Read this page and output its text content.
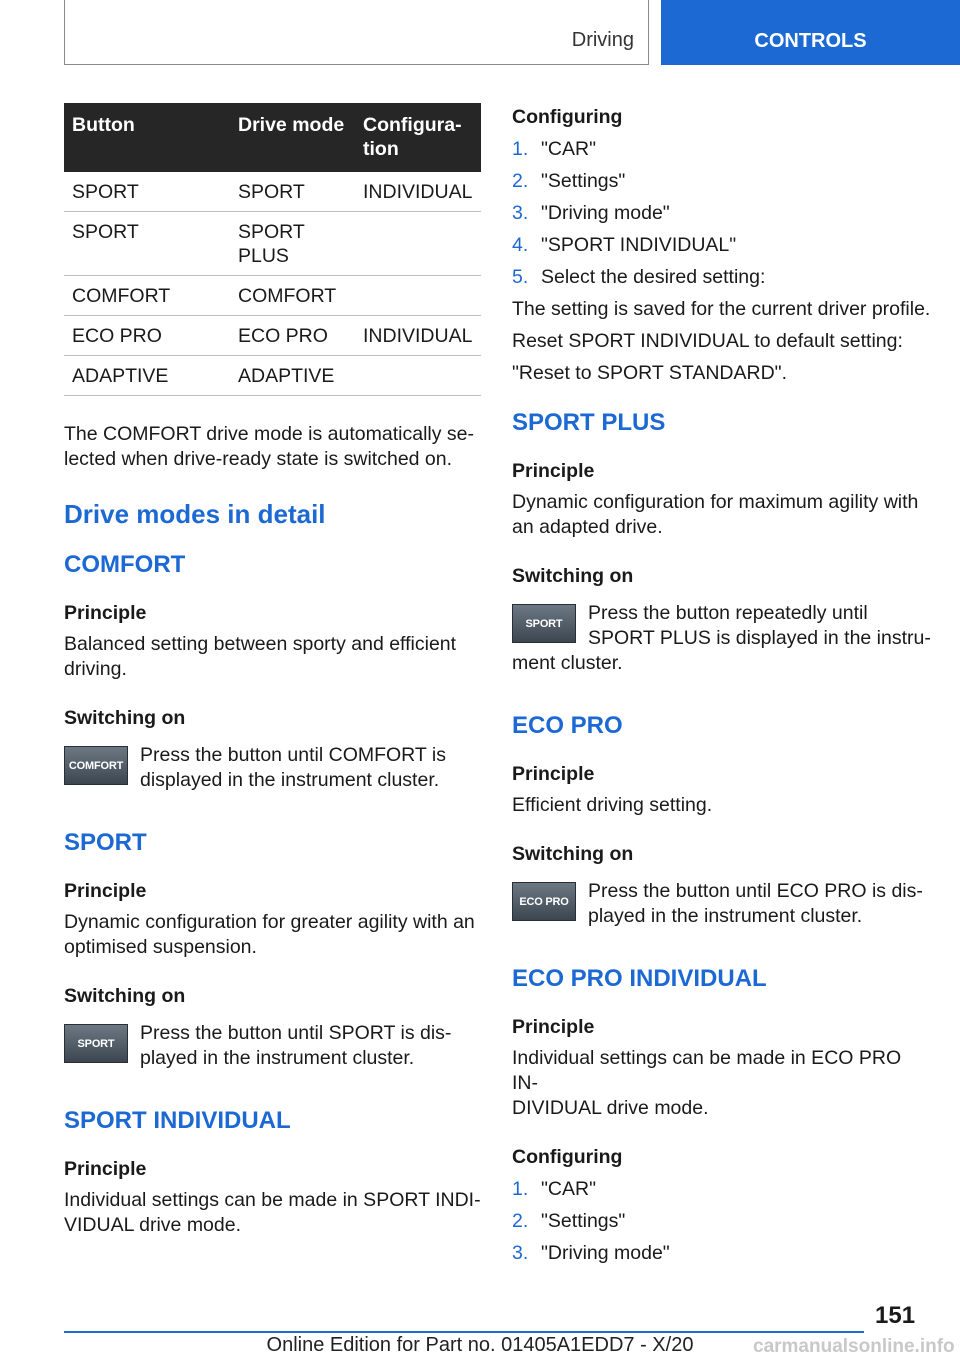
Driving	CONTROLS
Button	Drive mode	Configura‐
tion
SPORT	SPORT	INDIVIDUAL
SPORT	SPORT
PLUS	
COMFORT	COMFORT	
ECO PRO	ECO PRO	INDIVIDUAL
ADAPTIVE	ADAPTIVE	

The COMFORT drive mode is automatically se‐
lected when drive-ready state is switched on.

Drive modes in detail
COMFORT
Principle

Balanced setting between sporty and efficient
driving.

Switching on
COMFORT Press the button until COMFORT is
displayed in the instrument cluster.

SPORT
Principle

Dynamic configuration for greater agility with an
optimised suspension.

Switching on
SPORT	Press the button until SPORT is dis‐
played in the instrument cluster.

SPORT INDIVIDUAL
Principle

Individual settings can be made in SPORT INDI‐
VIDUAL drive mode.

Configuring
1. "CAR"
2. "Settings"
3. "Driving mode"
4. "SPORT INDIVIDUAL"
5. Select the desired setting:

The setting is saved for the current driver profile.

Reset SPORT INDIVIDUAL to default setting:
"Reset to SPORT STANDARD".

SPORT PLUS
Principle

Dynamic configuration for maximum agility with
an adapted drive.

Switching on
SPORT	Press the button repeatedly until
SPORT PLUS is displayed in the instru‐

ment cluster.

ECO PRO
Principle

Efficient driving setting.

Switching on
ECO PRO Press the button until ECO PRO is dis‐
played in the instrument cluster.

ECO PRO INDIVIDUAL
Principle

Individual settings can be made in ECO PRO IN‐
DIVIDUAL drive mode.

Configuring
1. "CAR"
2. "Settings"
3. "Driving mode"
151
Online Edition for Part no. 01405A1EDD7 - X/20	carmanualsonline.info
